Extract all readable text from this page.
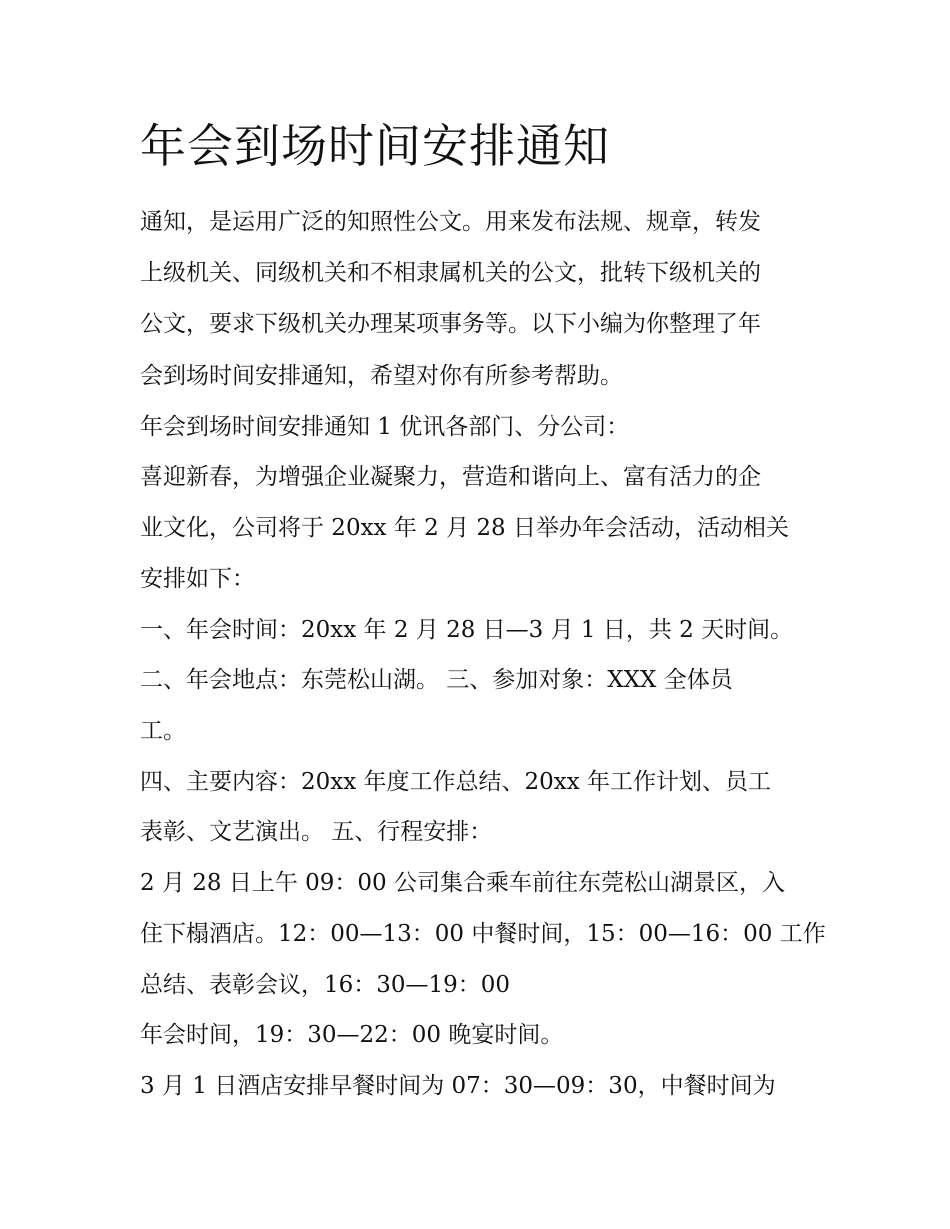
年会到场时间安排通知

通知，是运用广泛的知照性公文。用来发布法规、规章，转发

上级机关、同级机关和不相隶属机关的公文，批转下级机关的

公文，要求下级机关办理某项事务等。以下小编为你整理了年

会到场时间安排通知，希望对你有所参考帮助。

年会到场时间安排通知 1 优讯各部门、分公司：

喜迎新春，为增强企业凝聚力，营造和谐向上、富有活力的企

业文化，公司将于 20xx 年 2 月 28 日举办年会活动，活动相关

安排如下：

一、年会时间：20xx 年 2 月 28 日—3 月 1 日，共 2 天时间。

二、年会地点：东莞松山湖。 三、参加对象：XXX 全体员

工。

四、主要内容：20xx 年度工作总结、20xx 年工作计划、员工

表彰、文艺演出。 五、行程安排：

2 月 28 日上午 09：00 公司集合乘车前往东莞松山湖景区，入

住下榻酒店。12：00—13：00 中餐时间，15：00—16：00 工作

总结、表彰会议，16：30—19：00

年会时间，19：30—22：00 晚宴时间。

3 月 1 日酒店安排早餐时间为 07：30—09：30，中餐时间为
